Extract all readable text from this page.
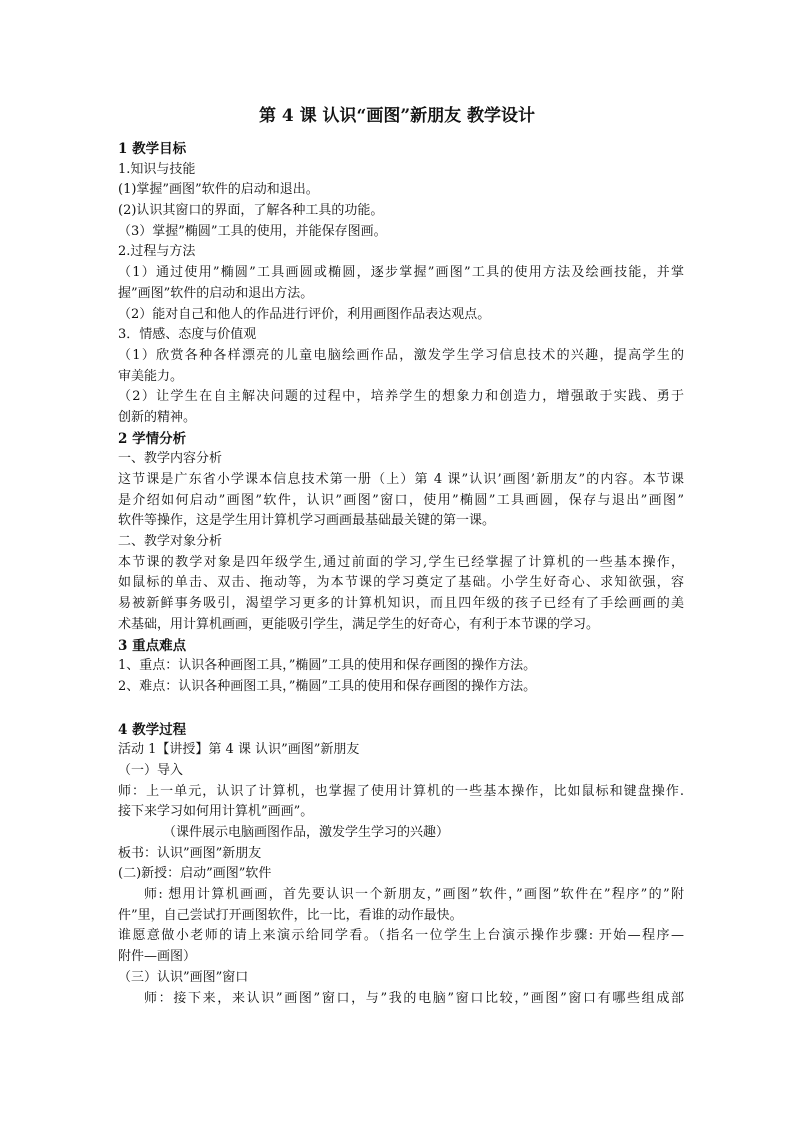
第 4 课 认识“画图”新朋友 教学设计
1 教学目标
1.知识与技能
(1)掌握”画图”软件的启动和退出。
(2)认识其窗口的界面，了解各种工具的功能。
（3）掌握”椭圆”工具的使用，并能保存图画。
2.过程与方法
（1）通过使用”椭圆”工具画圆或椭圆，逐步掌握”画图”工具的使用方法及绘画技能，并掌
握”画图”软件的启动和退出方法。
（2）能对自己和他人的作品进行评价，利用画图作品表达观点。
3．情感、态度与价值观
（1）欣赏各种各样漂亮的儿童电脑绘画作品，激发学生学习信息技术的兴趣，提高学生的
审美能力。
（2）让学生在自主解决问题的过程中，培养学生的想象力和创造力，增强敢于实践、勇于
创新的精神。
2 学情分析
一、教学内容分析
这节课是广东省小学课本信息技术第一册（上）第 4 课”认识’画图’新朋友”的内容。本节课
是介绍如何启动”画图”软件，认识”画图”窗口，使用”椭圆”工具画圆，保存与退出”画图”
软件等操作，这是学生用计算机学习画画最基础最关键的第一课。
二、教学对象分析
本节课的教学对象是四年级学生,通过前面的学习,学生已经掌握了计算机的一些基本操作，
如鼠标的单击、双击、拖动等，为本节课的学习奠定了基础。小学生好奇心、求知欲强，容
易被新鲜事务吸引，渴望学习更多的计算机知识，而且四年级的孩子已经有了手绘画画的美
术基础，用计算机画画，更能吸引学生，满足学生的好奇心，有利于本节课的学习。
3 重点难点
1、重点：认识各种画图工具，”椭圆”工具的使用和保存画图的操作方法。
2、难点：认识各种画图工具，”椭圆”工具的使用和保存画图的操作方法。
4 教学过程
活动 1【讲授】第 4 课 认识”画图”新朋友
（一）导入
师：上一单元，认识了计算机，也掌握了使用计算机的一些基本操作，比如鼠标和键盘操作.
接下来学习如何用计算机”画画”。
（课件展示电脑画图作品，激发学生学习的兴趣）
板书：认识”画图”新朋友
(二)新授：启动”画图”软件
师: 想用计算机画画，首先要认识一个新朋友，”画图”软件，”画图”软件在”程序”的”附
件”里，自己尝试打开画图软件，比一比，看谁的动作最快。
谁愿意做小老师的请上来演示给同学看。（指名一位学生上台演示操作步骤: 开始—程序—
附件—画图）
（三）认识”画图”窗口
师：接下来，来认识”画图”窗口，与”我的电脑”窗口比较，”画图”窗口有哪些组成部
